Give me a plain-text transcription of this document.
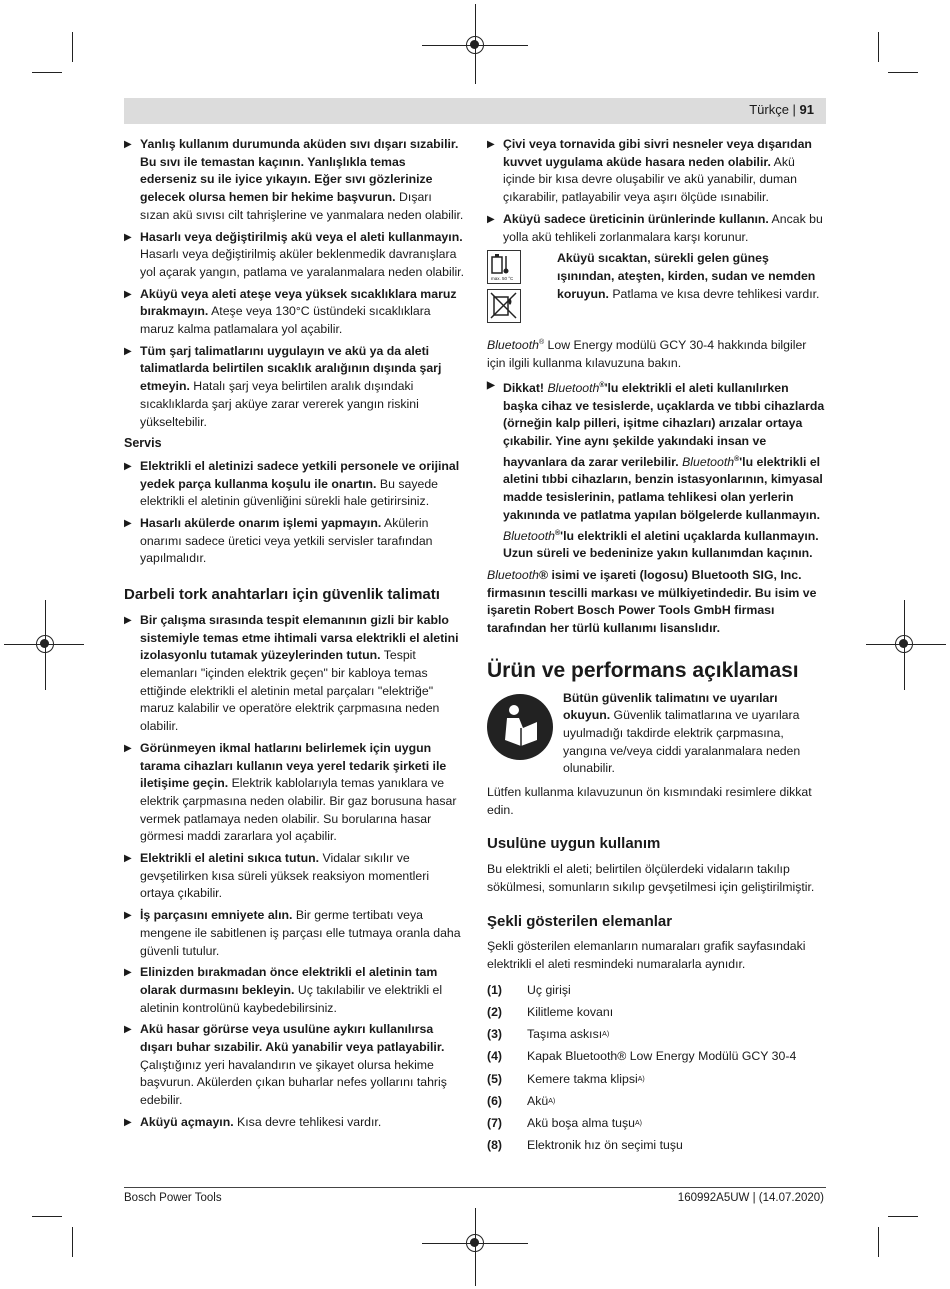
Türkçe | 91
▶ Yanlış kullanım durumunda aküden sıvı dışarı sızabilir. Bu sıvı ile temastan kaçının. Yanlışlıkla temas ederseniz su ile iyice yıkayın. Eğer sıvı gözlerinize gelecek olursa hemen bir hekime başvurun. Dışarı sızan akü sıvısı cilt tahrişlerine ve yanmalara neden olabilir.
▶ Hasarlı veya değiştirilmiş akü veya el aleti kullanmayın. Hasarlı veya değiştirilmiş aküler beklenmedik davranışlara yol açarak yangın, patlama ve yaralanmalara neden olabilir.
▶ Aküyü veya aleti ateşe veya yüksek sıcaklıklara maruz bırakmayın. Ateşe veya 130°C üstündeki sıcaklıklara maruz kalma patlamalara yol açabilir.
▶ Tüm şarj talimatlarını uygulayın ve akü ya da aleti talimatlarda belirtilen sıcaklık aralığının dışında şarj etmeyin. Hatalı şarj veya belirtilen aralık dışındaki sıcaklıklarda şarj aküye zarar vererek yangın riskini yükseltebilir.
Servis
▶ Elektrikli el aletinizi sadece yetkili personele ve orijinal yedek parça kullanma koşulu ile onartın. Bu sayede elektrikli el aletinin güvenliğini sürekli hale getirirsiniz.
▶ Hasarlı akülerde onarım işlemi yapmayın. Akülerin onarımı sadece üretici veya yetkili servisler tarafından yapılmalıdır.
Darbeli tork anahtarları için güvenlik talimatı
▶ Bir çalışma sırasında tespit elemanının gizli bir kablo sistemiyle temas etme ihtimali varsa elektrikli el aletini izolasyonlu tutamak yüzeylerinden tutun. Tespit elemanları "içinden elektrik geçen" bir kabloya temas ettiğinde elektrikli el aletinin metal parçaları "elektriğe" maruz kalabilir ve operatöre elektrik çarpmasına neden olabilir.
▶ Görünmeyen ikmal hatlarını belirlemek için uygun tarama cihazları kullanın veya yerel tedarik şirketi ile iletişime geçin. Elektrik kablolarıyla temas yanıklara ve elektrik çarpmasına neden olabilir. Bir gaz borusuna hasar vermek patlamaya neden olabilir. Su borularına hasar görmesi maddi zararlara yol açabilir.
▶ Elektrikli el aletini sıkıca tutun. Vidalar sıkılır ve gevşetilirken kısa süreli yüksek reaksiyon momentleri ortaya çıkabilir.
▶ İş parçasını emniyete alın. Bir germe tertibatı veya mengene ile sabitlenen iş parçası elle tutmaya oranla daha güvenli tutulur.
▶ Elinizden bırakmadan önce elektrikli el aletinin tam olarak durmasını bekleyin. Uç takılabilir ve elektrikli el aletinin kontrolünü kaybedebilirsiniz.
▶ Akü hasar görürse veya usulüne aykırı kullanılırsa dışarı buhar sızabilir. Akü yanabilir veya patlayabilir. Çalıştığınız yeri havalandırın ve şikayet olursa hekime başvurun. Akülerden çıkan buharlar nefes yollarını tahriş edebilir.
▶ Aküyü açmayın. Kısa devre tehlikesi vardır.
▶ Çivi veya tornavida gibi sivri nesneler veya dışarıdan kuvvet uygulama aküde hasara neden olabilir. Akü içinde bir kısa devre oluşabilir ve akü yanabilir, duman çıkarabilir, patlayabilir veya aşırı ölçüde ısınabilir.
▶ Aküyü sadece üreticinin ürünlerinde kullanın. Ancak bu yolla akü tehlikeli zorlanmalara karşı korunur.
max. 50 °C
Aküyü sıcaktan, sürekli gelen güneş ışınından, ateşten, kirden, sudan ve nemden koruyun. Patlama ve kısa devre tehlikesi vardır.

Bluetooth® Low Energy modülü GCY 30-4 hakkında bilgiler için ilgili kullanma kılavuzuna bakın.

▶ Dikkat! Bluetooth®'lu elektrikli el aleti kullanılırken başka cihaz ve tesislerde, uçaklarda ve tıbbi cihazlarda (örneğin kalp pilleri, işitme cihazları) arızalar ortaya çıkabilir. Yine aynı şekilde yakındaki insan ve hayvanlara da zarar verilebilir. Bluetooth®'lu elektrikli el aletini tıbbi cihazların, benzin istasyonlarının, kimyasal madde tesislerinin, patlama tehlikesi olan yerlerin yakınında ve patlatma yapılan bölgelerde kullanmayın. Bluetooth®'lu elektrikli el aletini uçaklarda kullanmayın. Uzun süreli ve bedeninize yakın kullanımdan kaçının.

Bluetooth® isimi ve işareti (logosu) Bluetooth SIG, Inc. firmasının tescilli markası ve mülkiyetindedir. Bu isim ve işaretin Robert Bosch Power Tools GmbH firması tarafından her türlü kullanımı lisanslıdır.

Ürün ve performans açıklaması
Bütün güvenlik talimatını ve uyarıları okuyun. Güvenlik talimatlarına ve uyarılara uyulmadığı takdirde elektrik çarpmasına, yangına ve/veya ciddi yaralanmalara neden olunabilir.

Lütfen kullanma kılavuzunun ön kısmındaki resimlere dikkat edin.

Usulüne uygun kullanım

Bu elektrikli el aleti; belirtilen ölçülerdeki vidaların takılıp sökülmesi, somunların sıkılıp gevşetilmesi için geliştirilmiştir.

Şekli gösterilen elemanlar

Şekli gösterilen elemanların numaraları grafik sayfasındaki elektrikli el aleti resmindeki numaralarla aynıdır.

(1)	Uç girişi
(2)	Kilitleme kovanı
(3)	Taşıma askısı A)
(4)	Kapak Bluetooth® Low Energy Modülü GCY 30-4
(5)	Kemere takma klipsi A)
(6)	Akü A)
(7)	Akü boşa alma tuşu A)
(8)	Elektronik hız ön seçimi tuşu
Bosch Power Tools	160992A5UW | (14.07.2020)
